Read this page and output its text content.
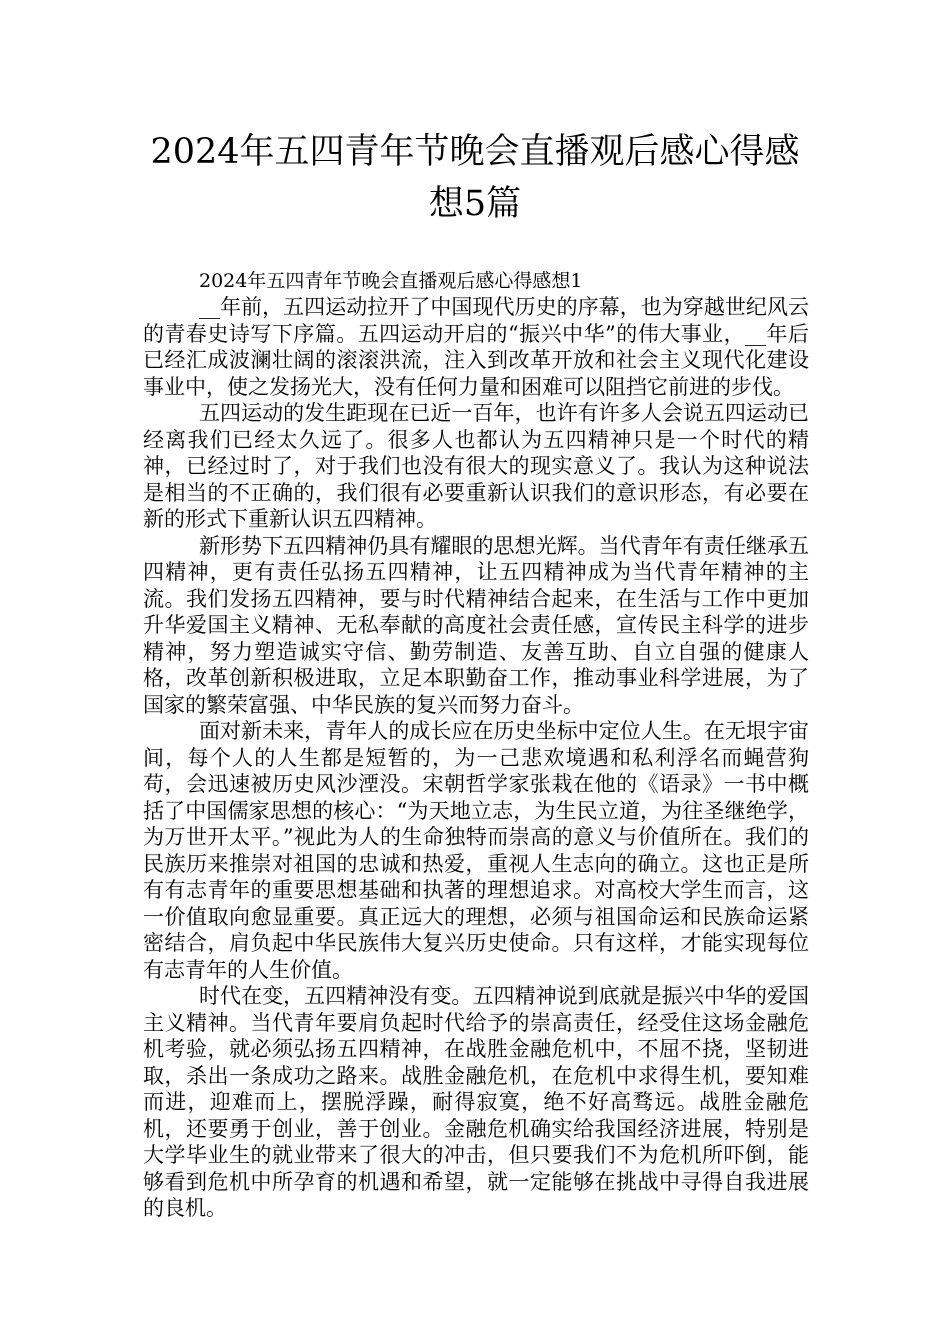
2024年五四青年节晚会直播观后感心得感想5篇
2024年五四青年节晚会直播观后感心得感想1

__年前，五四运动拉开了中国现代历史的序幕，也为穿越世纪风云的青春史诗写下序篇。五四运动开启的“振兴中华”的伟大事业，__年后已经汇成波澜壮阔的滚滚洪流，注入到改革开放和社会主义现代化建设事业中，使之发扬光大，没有任何力量和困难可以阻挡它前进的步伐。

五四运动的发生距现在已近一百年，也许有许多人会说五四运动已经离我们已经太久远了。很多人也都认为五四精神只是一个时代的精神，已经过时了，对于我们也没有很大的现实意义了。我认为这种说法是相当的不正确的，我们很有必要重新认识我们的意识形态，有必要在新的形式下重新认识五四精神。

新形势下五四精神仍具有耀眼的思想光辉。当代青年有责任继承五四精神，更有责任弘扬五四精神，让五四精神成为当代青年精神的主流。我们发扬五四精神，要与时代精神结合起来，在生活与工作中更加升华爱国主义精神、无私奉献的高度社会责任感，宣传民主科学的进步精神，努力塑造诚实守信、勤劳制造、友善互助、自立自强的健康人格，改革创新积极进取，立足本职勤奋工作，推动事业科学进展，为了国家的繁荣富强、中华民族的复兴而努力奋斗。

面对新未来，青年人的成长应在历史坐标中定位人生。在无垠宇宙间，每个人的人生都是短暂的，为一己悲欢境遇和私利浮名而蝇营狗苟，会迅速被历史风沙湮没。宋朝哲学家张栽在他的《语录》一书中概括了中国儒家思想的核心：“为天地立志，为生民立道，为往圣继绝学，为万世开太平。”视此为人的生命独特而崇高的意义与价值所在。我们的民族历来推崇对祖国的忠诚和热爱，重视人生志向的确立。这也正是所有有志青年的重要思想基础和执著的理想追求。对高校大学生而言，这一价值取向愈显重要。真正远大的理想，必须与祖国命运和民族命运紧密结合，肩负起中华民族伟大复兴历史使命。只有这样，才能实现每位有志青年的人生价值。

时代在变，五四精神没有变。五四精神说到底就是振兴中华的爱国主义精神。当代青年要肩负起时代给予的崇高责任，经受住这场金融危机考验，就必须弘扬五四精神，在战胜金融危机中，不屈不挠，坚韧进取，杀出一条成功之路来。战胜金融危机，在危机中求得生机，要知难而进，迎难而上，摆脱浮躁，耐得寂寞，绝不好高骛远。战胜金融危机，还要勇于创业，善于创业。金融危机确实给我国经济进展，特别是大学毕业生的就业带来了很大的冲击，但只要我们不为危机所吓倒，能够看到危机中所孕育的机遇和希望，就一定能够在挑战中寻得自我进展的良机。
